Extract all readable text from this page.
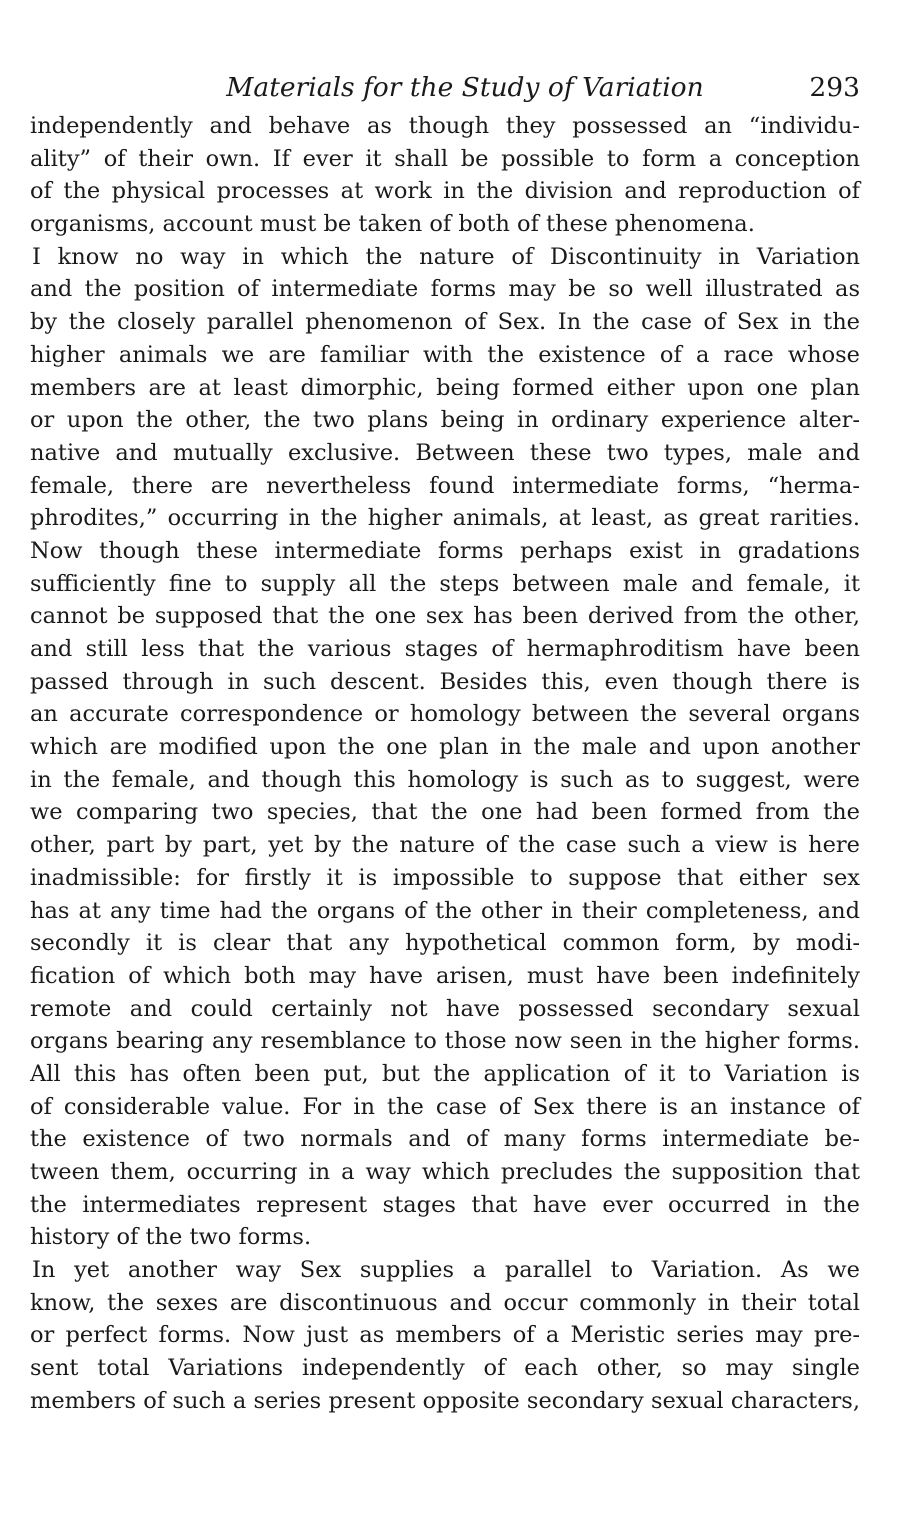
Materials for the Study of Variation	293
independently and behave as though they possessed an “individu-
ality” of their own. If ever it shall be possible to form a conception
of the physical processes at work in the division and reproduction of
organisms, account must be taken of both of these phenomena.
I know no way in which the nature of Discontinuity in Variation
and the position of intermediate forms may be so well illustrated as
by the closely parallel phenomenon of Sex. In the case of Sex in the
higher animals we are familiar with the existence of a race whose
members are at least dimorphic, being formed either upon one plan
or upon the other, the two plans being in ordinary experience alter-
native and mutually exclusive. Between these two types, male and
female, there are nevertheless found intermediate forms, “herma-
phrodites,” occurring in the higher animals, at least, as great rarities.
Now though these intermediate forms perhaps exist in gradations
sufficiently fine to supply all the steps between male and female, it
cannot be supposed that the one sex has been derived from the other,
and still less that the various stages of hermaphroditism have been
passed through in such descent. Besides this, even though there is
an accurate correspondence or homology between the several organs
which are modified upon the one plan in the male and upon another
in the female, and though this homology is such as to suggest, were
we comparing two species, that the one had been formed from the
other, part by part, yet by the nature of the case such a view is here
inadmissible: for firstly it is impossible to suppose that either sex
has at any time had the organs of the other in their completeness, and
secondly it is clear that any hypothetical common form, by modi-
fication of which both may have arisen, must have been indefinitely
remote and could certainly not have possessed secondary sexual
organs bearing any resemblance to those now seen in the higher forms.
All this has often been put, but the application of it to Variation is
of considerable value. For in the case of Sex there is an instance of
the existence of two normals and of many forms intermediate be-
tween them, occurring in a way which precludes the supposition that
the intermediates represent stages that have ever occurred in the
history of the two forms.
In yet another way Sex supplies a parallel to Variation. As we
know, the sexes are discontinuous and occur commonly in their total
or perfect forms. Now just as members of a Meristic series may pre-
sent total Variations independently of each other, so may single
members of such a series present opposite secondary sexual characters,
